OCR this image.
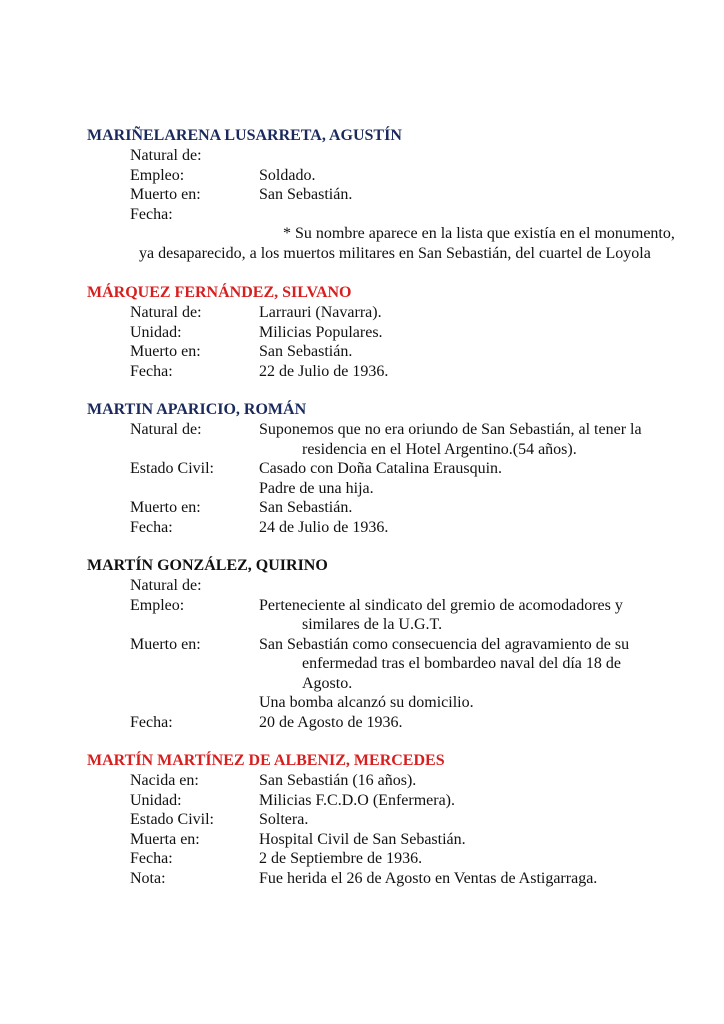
MARIÑELARENA LUSARRETA, AGUSTÍN
Natural de:
Empleo:	Soldado.
Muerto en:	San Sebastián.
Fecha:
* Su nombre aparece en la lista que existía en el monumento,
ya desaparecido, a los muertos militares en San Sebastián, del cuartel de Loyola
MÁRQUEZ FERNÁNDEZ, SILVANO
Natural de:	Larrauri (Navarra).
Unidad:	Milicias Populares.
Muerto en:	San Sebastián.
Fecha:	22 de Julio de 1936.
MARTIN APARICIO, ROMÁN
Natural de:	Suponemos que no era oriundo de San Sebastián, al tener la
residencia en el Hotel Argentino.(54 años).
Estado Civil:	Casado con Doña Catalina Erausquin.
Padre de una hija.
Muerto en:	San Sebastián.
Fecha:	24 de Julio de 1936.
MARTÍN GONZÁLEZ, QUIRINO
Natural de:
Empleo:	Perteneciente al sindicato del gremio de acomodadores y
similares de la U.G.T.
Muerto en:	San Sebastián como consecuencia del agravamiento de su
enfermedad tras el bombardeo naval del día 18 de
Agosto.
Una bomba alcanzó su domicilio.
Fecha:	20 de Agosto de 1936.
MARTÍN MARTÍNEZ DE ALBENIZ, MERCEDES
Nacida en:	San Sebastián (16 años).
Unidad:	Milicias F.C.D.O (Enfermera).
Estado Civil:	Soltera.
Muerta en:	Hospital Civil de San Sebastián.
Fecha:	2 de Septiembre de 1936.
Nota:	Fue herida el 26 de Agosto en Ventas de Astigarraga.
